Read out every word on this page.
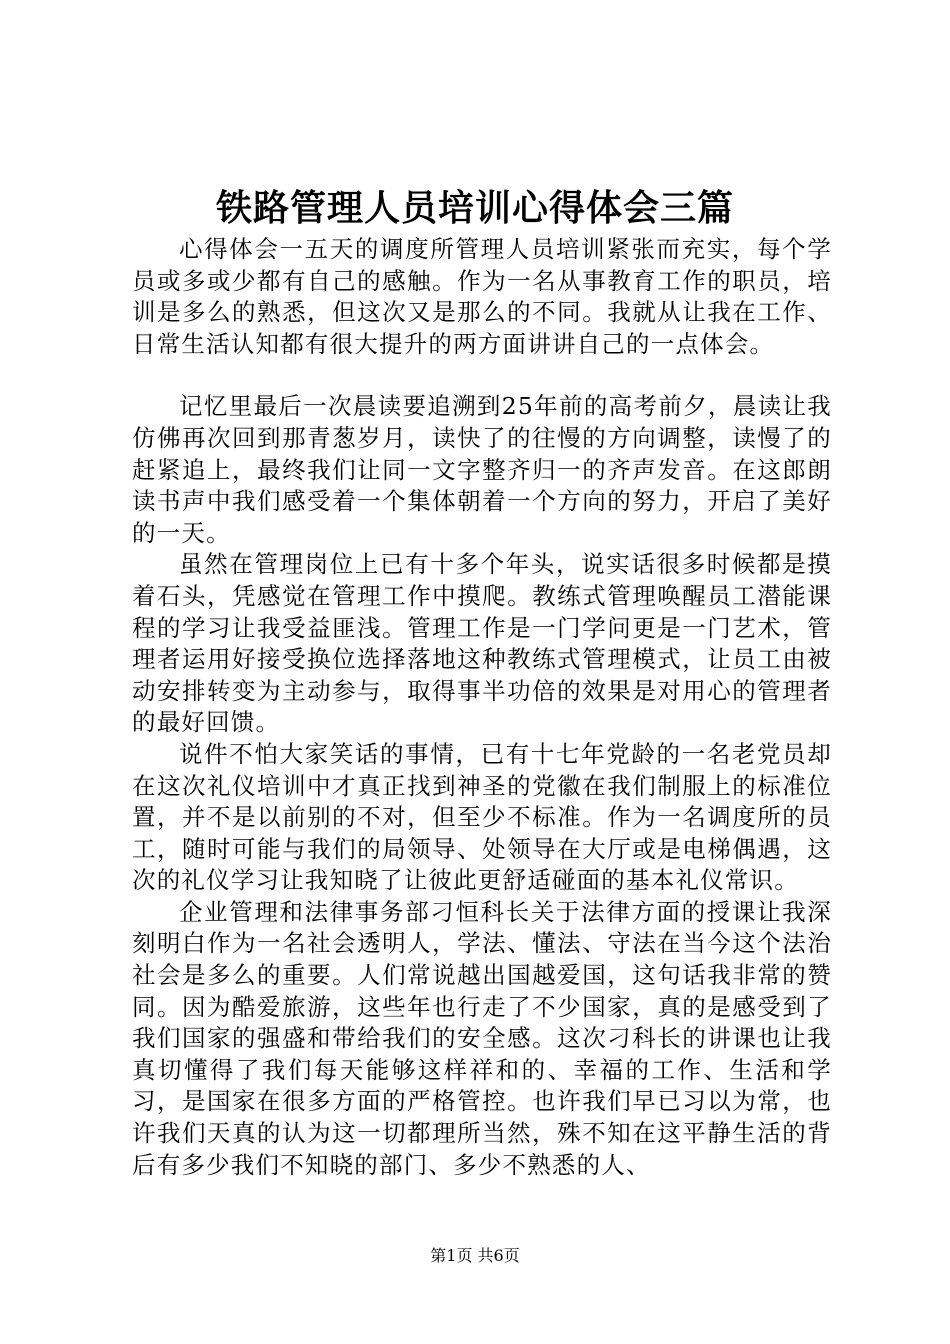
铁路管理人员培训心得体会三篇

心得体会一五天的调度所管理人员培训紧张而充实，每个学员或多或少都有自己的感触。作为一名从事教育工作的职员，培训是多么的熟悉，但这次又是那么的不同。我就从让我在工作、日常生活认知都有很大提升的两方面讲讲自己的一点体会。

记忆里最后一次晨读要追溯到25年前的高考前夕，晨读让我仿佛再次回到那青葱岁月，读快了的往慢的方向调整，读慢了的赶紧追上，最终我们让同一文字整齐归一的齐声发音。在这郎朗读书声中我们感受着一个集体朝着一个方向的努力，开启了美好的一天。

虽然在管理岗位上已有十多个年头，说实话很多时候都是摸着石头，凭感觉在管理工作中摸爬。教练式管理唤醒员工潜能课程的学习让我受益匪浅。管理工作是一门学问更是一门艺术，管理者运用好接受换位选择落地这种教练式管理模式，让员工由被动安排转变为主动参与，取得事半功倍的效果是对用心的管理者的最好回馈。

说件不怕大家笑话的事情，已有十七年党龄的一名老党员却在这次礼仪培训中才真正找到神圣的党徽在我们制服上的标准位置，并不是以前别的不对，但至少不标准。作为一名调度所的员工，随时可能与我们的局领导、处领导在大厅或是电梯偶遇，这次的礼仪学习让我知晓了让彼此更舒适碰面的基本礼仪常识。

企业管理和法律事务部刁恒科长关于法律方面的授课让我深刻明白作为一名社会透明人，学法、懂法、守法在当今这个法治社会是多么的重要。人们常说越出国越爱国，这句话我非常的赞同。因为酷爱旅游，这些年也行走了不少国家，真的是感受到了我们国家的强盛和带给我们的安全感。这次刁科长的讲课也让我真切懂得了我们每天能够这样祥和的、幸福的工作、生活和学习，是国家在很多方面的严格管控。也许我们早已习以为常，也许我们天真的认为这一切都理所当然，殊不知在这平静生活的背后有多少我们不知晓的部门、多少不熟悉的人、

第1页 共6页
